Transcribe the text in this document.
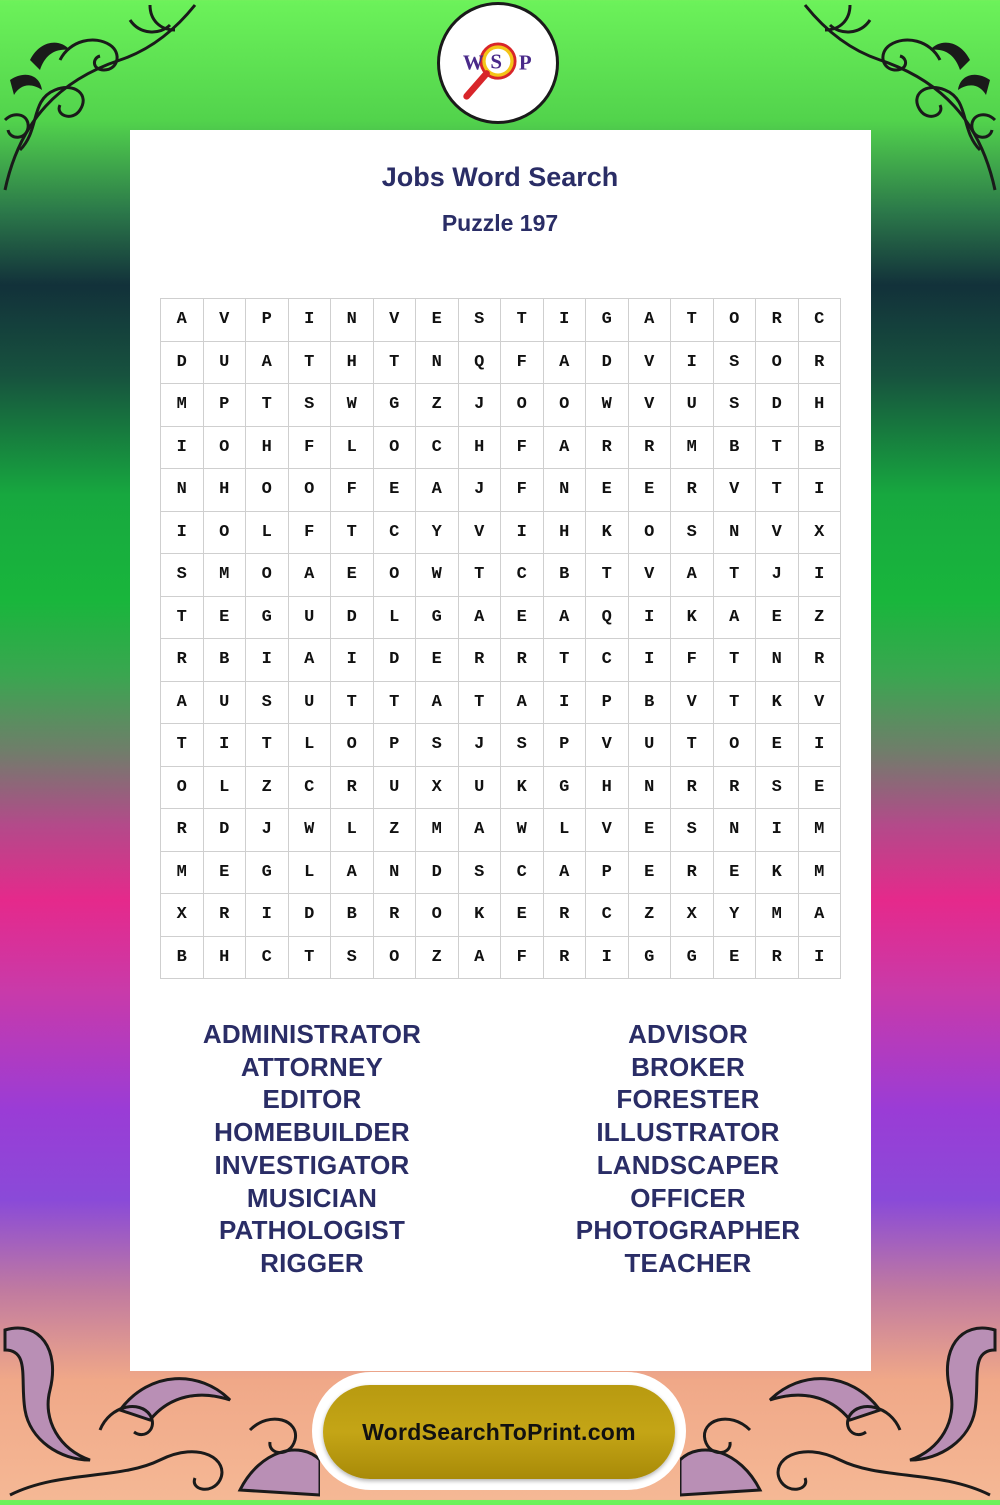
W S P
Jobs Word Search
Puzzle 197
A	V	P	I	N	V	E	S	T	I	G	A	T	O	R	C
D	U	A	T	H	T	N	Q	F	A	D	V	I	S	O	R
M	P	T	S	W	G	Z	J	O	O	W	V	U	S	D	H
I	O	H	F	L	O	C	H	F	A	R	R	M	B	T	B
N	H	O	O	F	E	A	J	F	N	E	E	R	V	T	I
I	O	L	F	T	C	Y	V	I	H	K	O	S	N	V	X
S	M	O	A	E	O	W	T	C	B	T	V	A	T	J	I
T	E	G	U	D	L	G	A	E	A	Q	I	K	A	E	Z
R	B	I	A	I	D	E	R	R	T	C	I	F	T	N	R
A	U	S	U	T	T	A	T	A	I	P	B	V	T	K	V
T	I	T	L	O	P	S	J	S	P	V	U	T	O	E	I
O	L	Z	C	R	U	X	U	K	G	H	N	R	R	S	E
R	D	J	W	L	Z	M	A	W	L	V	E	S	N	I	M
M	E	G	L	A	N	D	S	C	A	P	E	R	E	K	M
X	R	I	D	B	R	O	K	E	R	C	Z	X	Y	M	A
B	H	C	T	S	O	Z	A	F	R	I	G	G	E	R	I
ADMINISTRATOR
ATTORNEY
EDITOR
HOMEBUILDER
INVESTIGATOR
MUSICIAN
PATHOLOGIST
RIGGER
ADVISOR
BROKER
FORESTER
ILLUSTRATOR
LANDSCAPER
OFFICER
PHOTOGRAPHER
TEACHER
WordSearchToPrint.com
